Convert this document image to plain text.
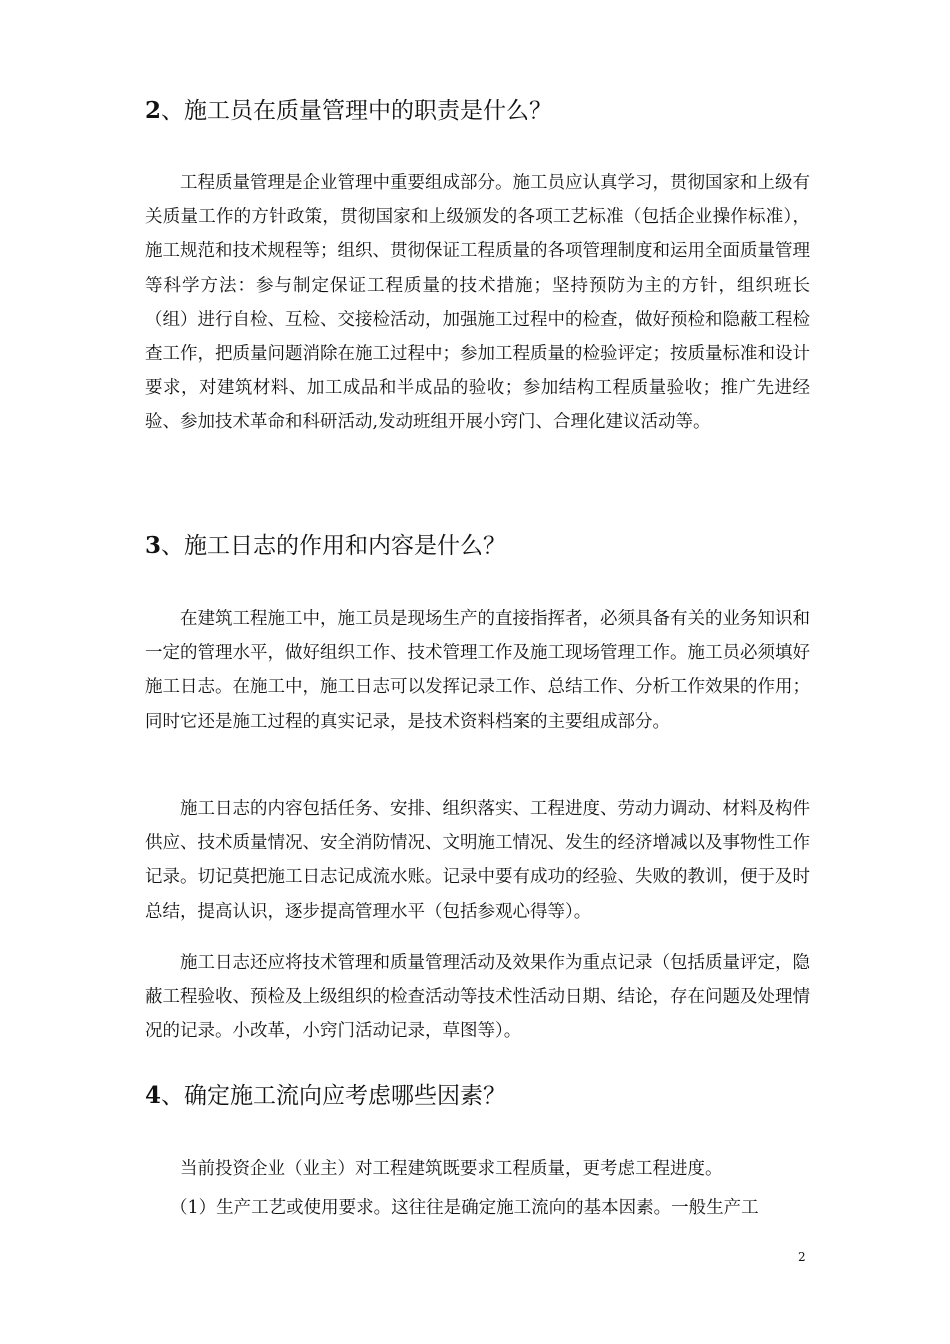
2、施工员在质量管理中的职责是什么？

工程质量管理是企业管理中重要组成部分。施工员应认真学习，贯彻国家和上级有关质量工作的方针政策，贯彻国家和上级颁发的各项工艺标准（包括企业操作标准），施工规范和技术规程等；组织、贯彻保证工程质量的各项管理制度和运用全面质量管理等科学方法：参与制定保证工程质量的技术措施；坚持预防为主的方针，组织班长（组）进行自检、互检、交接检活动，加强施工过程中的检查，做好预检和隐蔽工程检查工作，把质量问题消除在施工过程中；参加工程质量的检验评定；按质量标准和设计要求，对建筑材料、加工成品和半成品的验收；参加结构工程质量验收；推广先进经验、参加技术革命和科研活动,发动班组开展小窍门、合理化建议活动等。

3、施工日志的作用和内容是什么？

在建筑工程施工中，施工员是现场生产的直接指挥者，必须具备有关的业务知识和一定的管理水平，做好组织工作、技术管理工作及施工现场管理工作。施工员必须填好施工日志。在施工中，施工日志可以发挥记录工作、总结工作、分析工作效果的作用；同时它还是施工过程的真实记录，是技术资料档案的主要组成部分。

施工日志的内容包括任务、安排、组织落实、工程进度、劳动力调动、材料及构件供应、技术质量情况、安全消防情况、文明施工情况、发生的经济增减以及事物性工作记录。切记莫把施工日志记成流水账。记录中要有成功的经验、失败的教训，便于及时总结，提高认识，逐步提高管理水平（包括参观心得等）。

施工日志还应将技术管理和质量管理活动及效果作为重点记录（包括质量评定，隐蔽工程验收、预检及上级组织的检查活动等技术性活动日期、结论，存在问题及处理情况的记录。小改革，小窍门活动记录，草图等）。

4、确定施工流向应考虑哪些因素？

当前投资企业（业主）对工程建筑既要求工程质量，更考虑工程进度。

（1）生产工艺或使用要求。这往往是确定施工流向的基本因素。一般生产工

2
